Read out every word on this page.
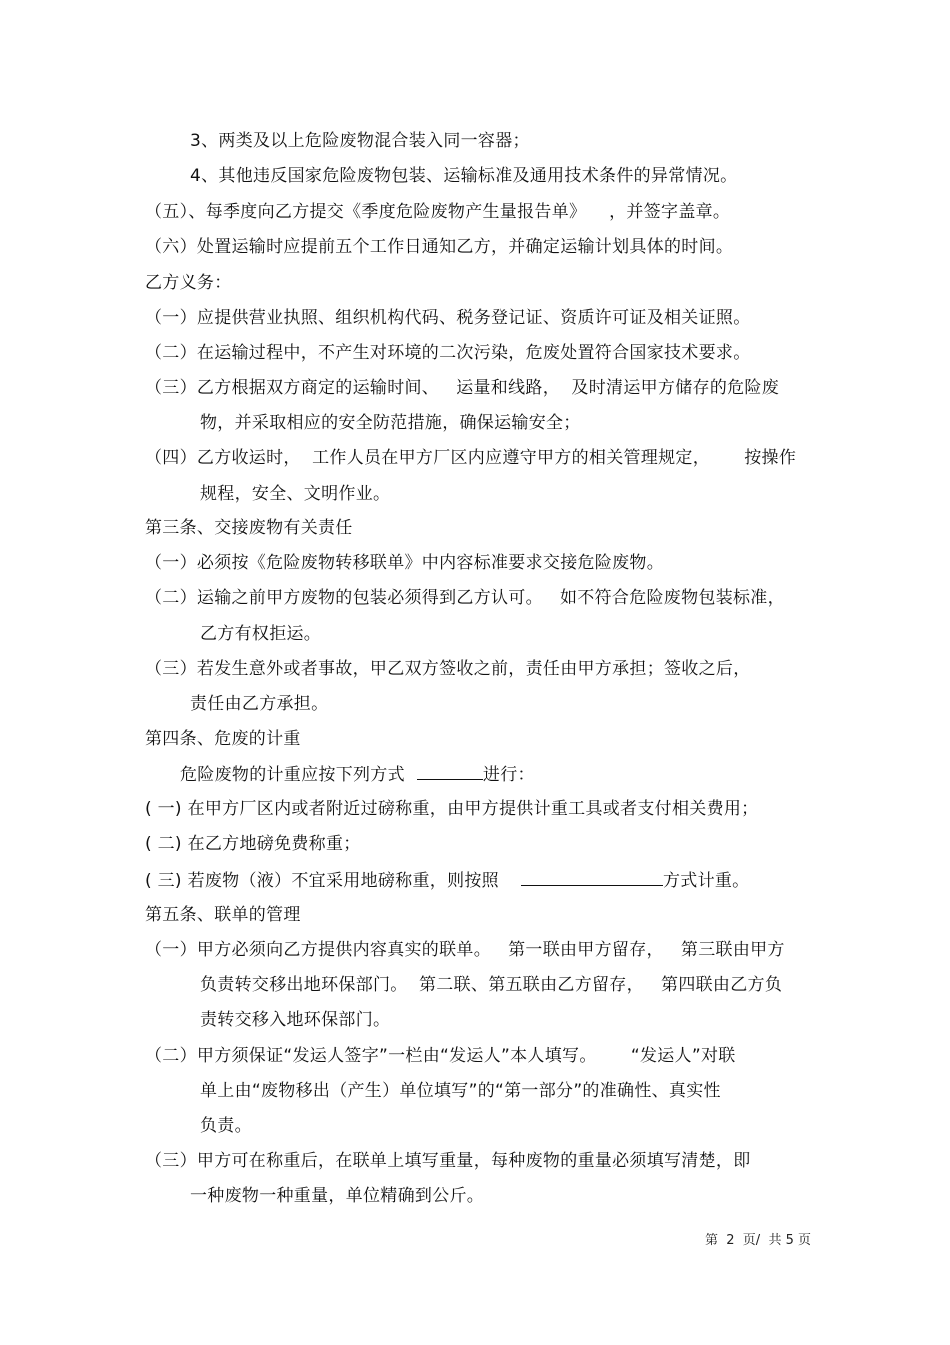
3、两类及以上危险废物混合装入同一容器；
4、其他违反国家危险废物包装、运输标准及通用技术条件的异常情况。
（五）、每季度向乙方提交《季度危险废物产生量报告单》    ，并签字盖章。
（六）处置运输时应提前五个工作日通知乙方，并确定运输计划具体的时间。
乙方义务：
（一）应提供营业执照、组织机构代码、税务登记证、资质许可证及相关证照。
（二）在运输过程中，不产生对环境的二次污染，危废处置符合国家技术要求。
（三）乙方根据双方商定的运输时间、   运量和线路，  及时清运甲方储存的危险废
物，并采取相应的安全防范措施，确保运输安全；
（四）乙方收运时，  工作人员在甲方厂区内应遵守甲方的相关管理规定，      按操作
规程，安全、文明作业。
第三条、交接废物有关责任
（一）必须按《危险废物转移联单》中内容标准要求交接危险废物。
（二）运输之前甲方废物的包装必须得到乙方认可。   如不符合危险废物包装标准，
乙方有权拒运。
（三）若发生意外或者事故，甲乙双方签收之前，责任由甲方承担；签收之后，
责任由乙方承担。
第四条、危废的计重
危险废物的计重应按下列方式	进行：
( 一) 在甲方厂区内或者附近过磅称重，由甲方提供计重工具或者支付相关费用；
( 二) 在乙方地磅免费称重；
( 三) 若废物（液）不宜采用地磅称重，则按照	方式计重。
第五条、联单的管理
（一）甲方必须向乙方提供内容真实的联单。   第一联由甲方留存，   第三联由甲方
负责转交移出地环保部门。  第二联、第五联由乙方留存，   第四联由乙方负
责转交移入地环保部门。
（二）甲方须保证“发运人签字”一栏由“发运人”本人填写。      “发运人”对联
单上由“废物移出（产生）单位填写”的“第一部分”的准确性、真实性
负责。
（三）甲方可在称重后，在联单上填写重量，每种废物的重量必须填写清楚，即
一种废物一种重量，单位精确到公斤。
第  2  页/  共 5 页
